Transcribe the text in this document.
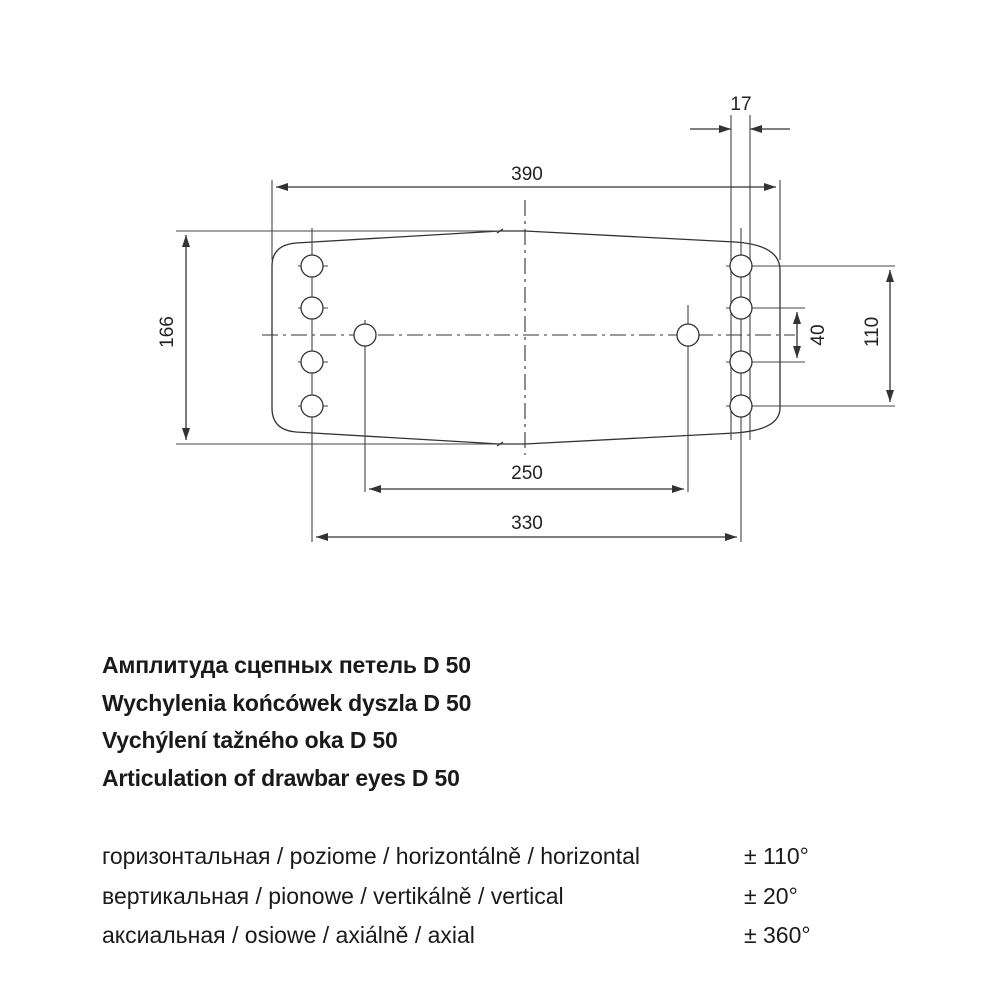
17
390
166	40 110
250
330
Амплитуда сцепных петель D 50
Wychylenia końcówek dyszla D 50
Vychýlení tažného oka D 50
Articulation of drawbar eyes D 50
горизонтальная / poziome / horizontálně / horizontal	± 110°
вертикальная / pionowe / vertikálně / vertical	± 20°
аксиальная / osiowe / axiálně / axial	± 360°
